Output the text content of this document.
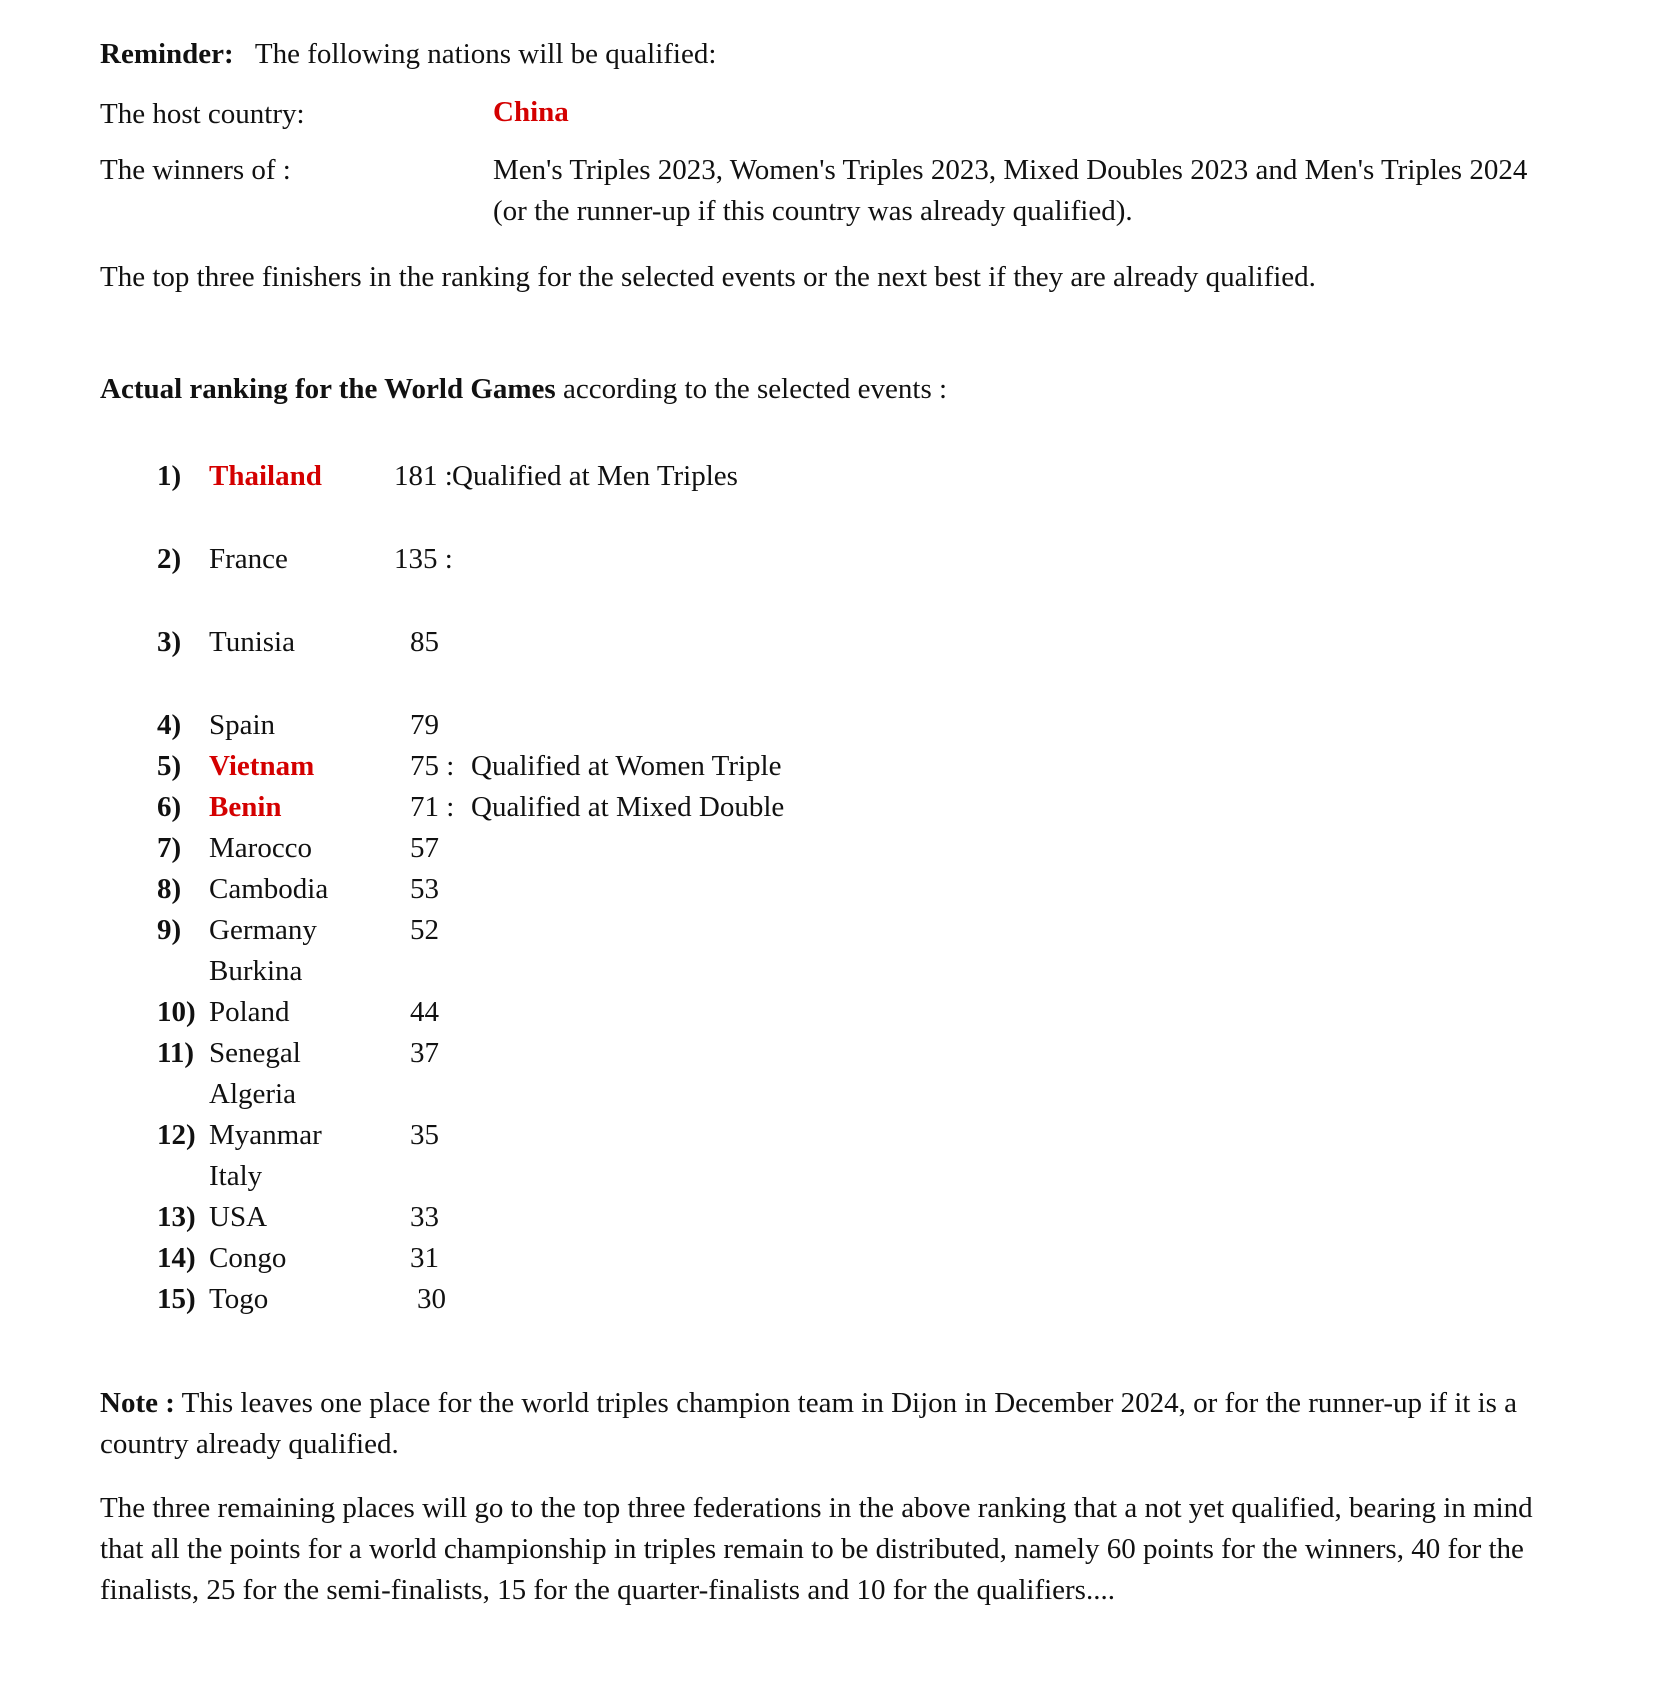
Reminder: The following nations will be qualified:
The host country:	China
The winners of :	Men's Triples 2023, Women's Triples 2023, Mixed Doubles 2023 and Men's Triples 2024 (or the runner-up if this country was already qualified).
The top three finishers in the ranking for the selected events or the next best if they are already qualified.
Actual ranking for the World Games according to the selected events :
1) Thailand 181 : Qualified at Men Triples
2) France	135 :
3) Tunisia	85
4) Spain	79
5) Vietnam	75 : Qualified at Women Triple
6) Benin	71 : Qualified at Mixed Double
7) Marocco	57
8) Cambodia	53
9) Germany	52
Burkina
10) Poland	44
11) Senegal	37
Algeria
12) Myanmar	35
Italy
13) USA	33
14) Congo	31
15) Togo	30
Note : This leaves one place for the world triples champion team in Dijon in December 2024, or for the runner-up if it is a country already qualified.
The three remaining places will go to the top three federations in the above ranking that a not yet qualified, bearing in mind that all the points for a world championship in triples remain to be distributed, namely 60 points for the winners, 40 for the finalists, 25 for the semi-finalists, 15 for the quarter-finalists and 10 for the qualifiers....
